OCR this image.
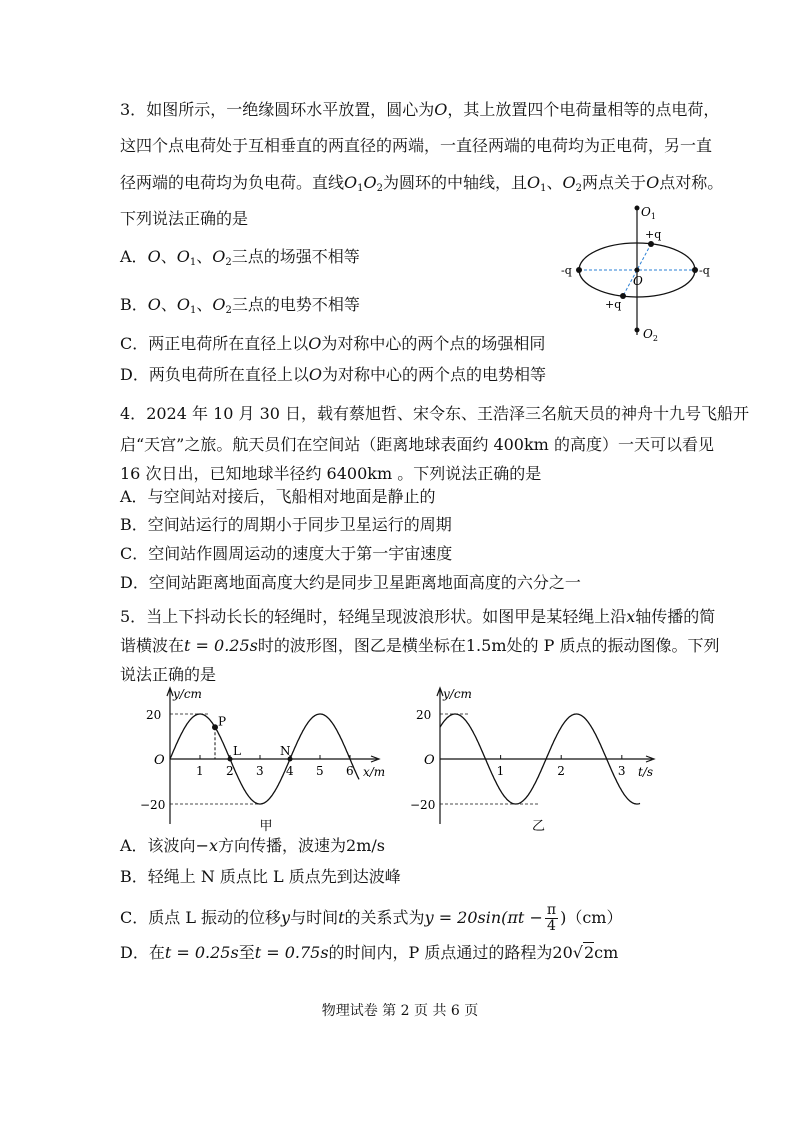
3．如图所示，一绝缘圆环水平放置，圆心为O，其上放置四个电荷量相等的点电荷，
这四个点电荷处于互相垂直的两直径的两端，一直径两端的电荷均为正电荷，另一直
径两端的电荷均为负电荷。直线$O_1O_2$为圆环的中轴线，且$O_1$、$O_2$两点关于O点对称。
下列说法正确的是
A．O、$O_1$、$O_2$三点的场强不相等
B．O、$O_1$、$O_2$三点的电势不相等
C．两正电荷所在直径上以O为对称中心的两个点的场强相同
D．两负电荷所在直径上以O为对称中心的两个点的电势相等
$O_1$
$O_2$
O
+q
+q
-q	-q
4．2024 年 10 月 30 日，载有蔡旭哲、宋令东、王浩泽三名航天员的神舟十九号飞船开
启“天宫”之旅。航天员们在空间站（距离地球表面约 400km 的高度）一天可以看见
16 次日出，已知地球半径约 6400km 。下列说法正确的是
A．与空间站对接后，飞船相对地面是静止的
B．空间站运行的周期小于同步卫星运行的周期
C．空间站作圆周运动的速度大于第一宇宙速度
D．空间站距离地面高度大约是同步卫星距离地面高度的六分之一
5．当上下抖动长长的轻绳时，轻绳呈现波浪形状。如图甲是某轻绳上沿x轴传播的简
谐横波在t = 0.25s时的波形图，图乙是横坐标在1.5m处的 P 质点的振动图像。下列
说法正确的是
y/cm
x/m
O
20
−20
1 2 3 4 5 6
甲
P
L	N
y/cm
t/s
O
20
−20
1	2	3
乙
A．该波向−x方向传播，波速为2m/s
B．轻绳上 N 质点比 L 质点先到达波峰
C．质点 L 振动的位移y与时间t的关系式为$y = 20\sin(\pi t - \frac{\pi}{4} )(cm)$
D．在t = 0.25s至t = 0.75s的时间内，P 质点通过的路程为20√2cm
物理试卷 第 2 页 共 6 页
